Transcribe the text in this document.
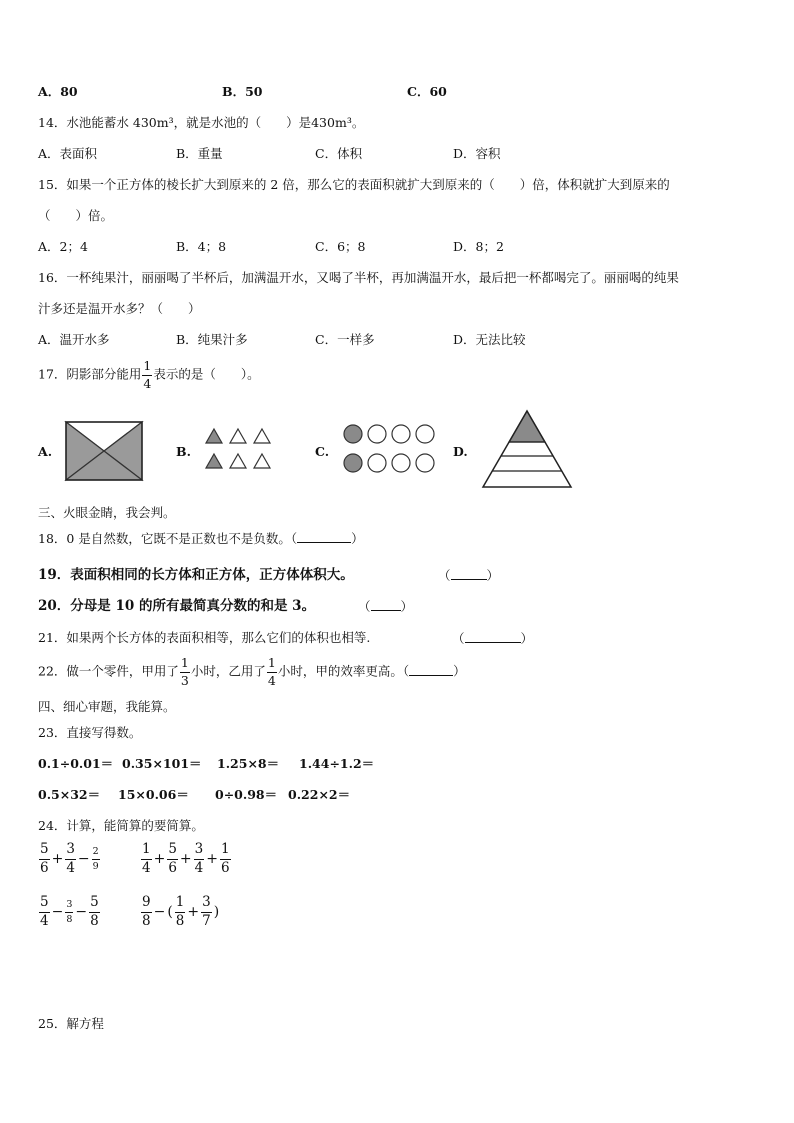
A．80	B．50	C．60
14．水池能蓄水 430m³，就是水池的（　　）是430m³。
A．表面积	B．重量	C．体积	D．容积
15．如果一个正方体的棱长扩大到原来的 2 倍，那么它的表面积就扩大到原来的（　　）倍，体积就扩大到原来的
（　　）倍。
A．2；4	B．4；8	C．6；8	D．8；2
16．一杯纯果汁，丽丽喝了半杯后，加满温开水，又喝了半杯，再加满温开水，最后把一杯都喝完了。丽丽喝的纯果
汁多还是温开水多？（　　）
A．温开水多	B．纯果汁多	C．一样多	D．无法比较
17．阴影部分能用 $\frac{1}{4}$ 表示的是（　　）。
A.	B.	C.	D.
三、火眼金睛，我会判。
18．0 是自然数，它既不是正数也不是负数。（	）
19．表面积相同的长方体和正方体，正方体体积大。	（	）
20．分母是 10 的所有最简真分数的和是 3。	（ ）
21．如果两个长方体的表面积相等，那么它们的体积也相等.	（	）
22．做一个零件，甲用了 $\frac{1}{3}$ 小时，乙用了 $\frac{1}{4}$ 小时，甲的效率更高。（	）
四、细心审题，我能算。
23．直接写得数。
0.1÷0.01＝ 0.35×101＝ 1.25×8＝ 1.44÷1.2＝
0.5×32＝ 15×0.06＝ 0÷0.98＝ 0.22×2＝
24．计算，能简算的要简算。
$\frac{5}{6} + \frac{3}{4} - \frac{2}{9}$	$\frac{1}{4} + \frac{5}{6} + \frac{3}{4} + \frac{1}{6}$
$\frac{5}{4} - \frac{3}{8} - \frac{5}{8}$	$\frac{9}{8}$ − ( $\frac{1}{8} + \frac{3}{7}$ )
25．解方程
